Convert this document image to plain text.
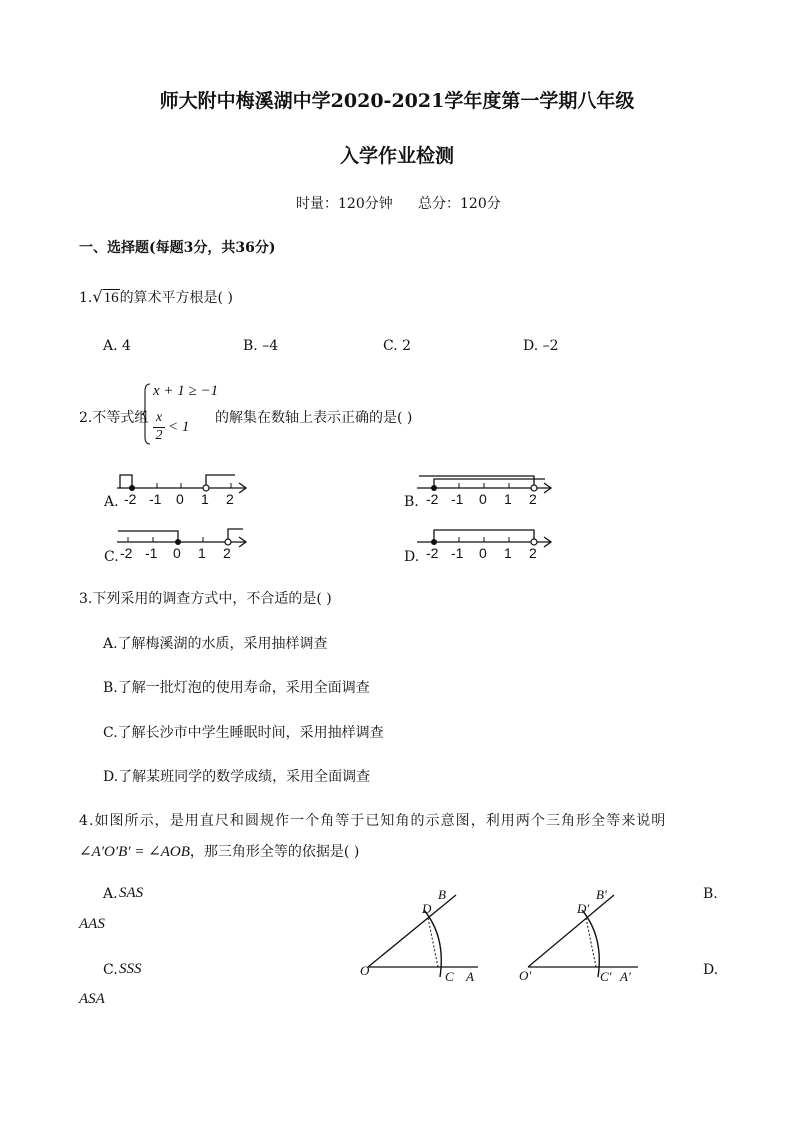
师大附中梅溪湖中学2020-2021学年度第一学期八年级
入学作业检测
时量：120分钟 总分：120分
一、选择题(每题3分，共36分)
1.√16的算术平方根是( )
A. 4	B. –4	C. 2	D. –2
2.不等式组
x + 1 ≥ −1
x
2
< 1
的解集在数轴上表示正确的是( )
A.	B.
C.	D.
-2 -1 0 1 2	-2 -1 0 1 2
-2 -1 0 1 2	-2 -1 0 1 2
3.下列采用的调查方式中，不合适的是( )
A.了解梅溪湖的水质，采用抽样调查
B.了解一批灯泡的使用寿命，采用全面调查
C.了解长沙市中学生睡眠时间，采用抽样调查
D.了解某班同学的数学成绩，采用全面调查
4.如图所示，是用直尺和圆规作一个角等于已知角的示意图，利用两个三角形全等来说明
∠A′O′B′ = ∠AOB，那三角形全等的依据是( )
A. SAS	B.
AAS
C. SSS	D.
ASA
O	A
B
C
D
O′	A′
B′
C′
D′
